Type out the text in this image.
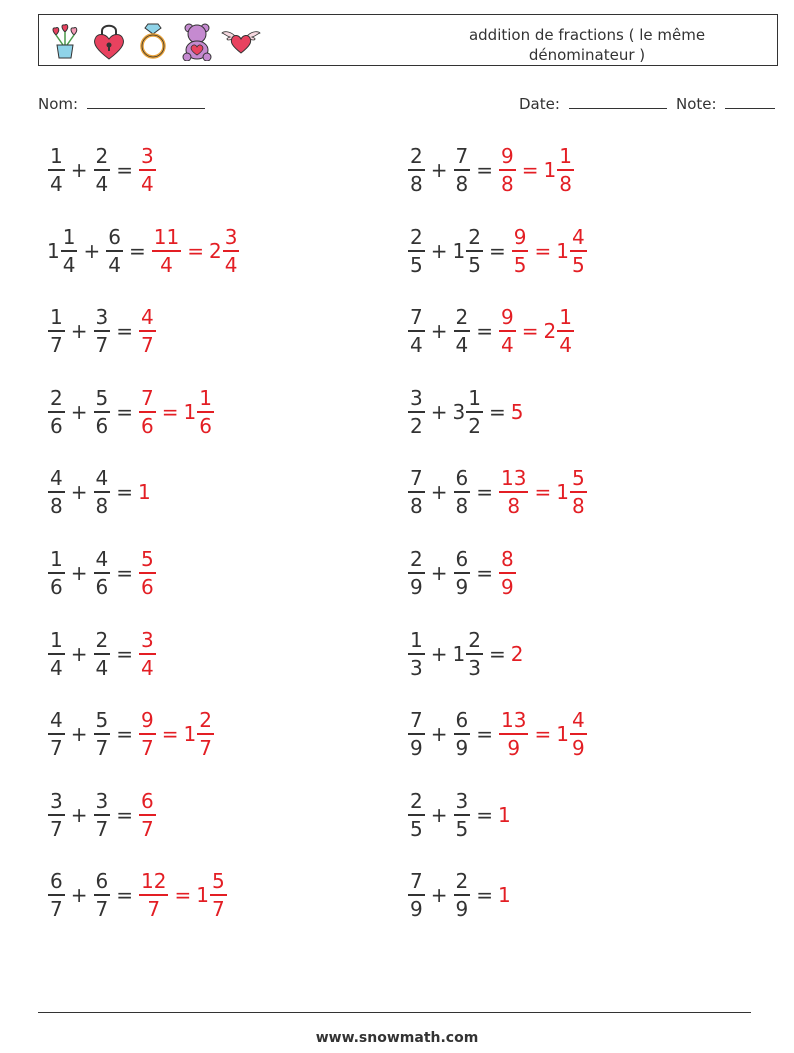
addition de fractions ( le même dénominateur )
Nom:	Date:	Note:
$\frac{1}{4} + \frac{2}{4} = \frac{3}{4}$	$\frac{2}{8} + \frac{7}{8} = \frac{9}{8} = 1 \frac{1}{8}$
$1 \frac{1}{4} + \frac{6}{4} = \frac{11}{4} = 2 \frac{3}{4}$	$\frac{2}{5} + 1 \frac{2}{5} = \frac{9}{5} = 1 \frac{4}{5}$
$\frac{1}{7} + \frac{3}{7} = \frac{4}{7}$	$\frac{7}{4} + \frac{2}{4} = \frac{9}{4} = 2 \frac{1}{4}$
$\frac{2}{6} + \frac{5}{6} = \frac{7}{6} = 1 \frac{1}{6}$	$\frac{3}{2} + 3 \frac{1}{2} = 5$
$\frac{4}{8} + \frac{4}{8} = 1$	$\frac{7}{8} + \frac{6}{8} = \frac{13}{8} = 1 \frac{5}{8}$
$\frac{1}{6} + \frac{4}{6} = \frac{5}{6}$	$\frac{2}{9} + \frac{6}{9} = \frac{8}{9}$
$\frac{1}{4} + \frac{2}{4} = \frac{3}{4}$	$\frac{1}{3} + 1 \frac{2}{3} = 2$
$\frac{4}{7} + \frac{5}{7} = \frac{9}{7} = 1 \frac{2}{7}$	$\frac{7}{9} + \frac{6}{9} = \frac{13}{9} = 1 \frac{4}{9}$
$\frac{3}{7} + \frac{3}{7} = \frac{6}{7}$	$\frac{2}{5} + \frac{3}{5} = 1$
$\frac{6}{7} + \frac{6}{7} = \frac{12}{7} = 1 \frac{5}{7}$	$\frac{7}{9} + \frac{2}{9} = 1$
www.snowmath.com
